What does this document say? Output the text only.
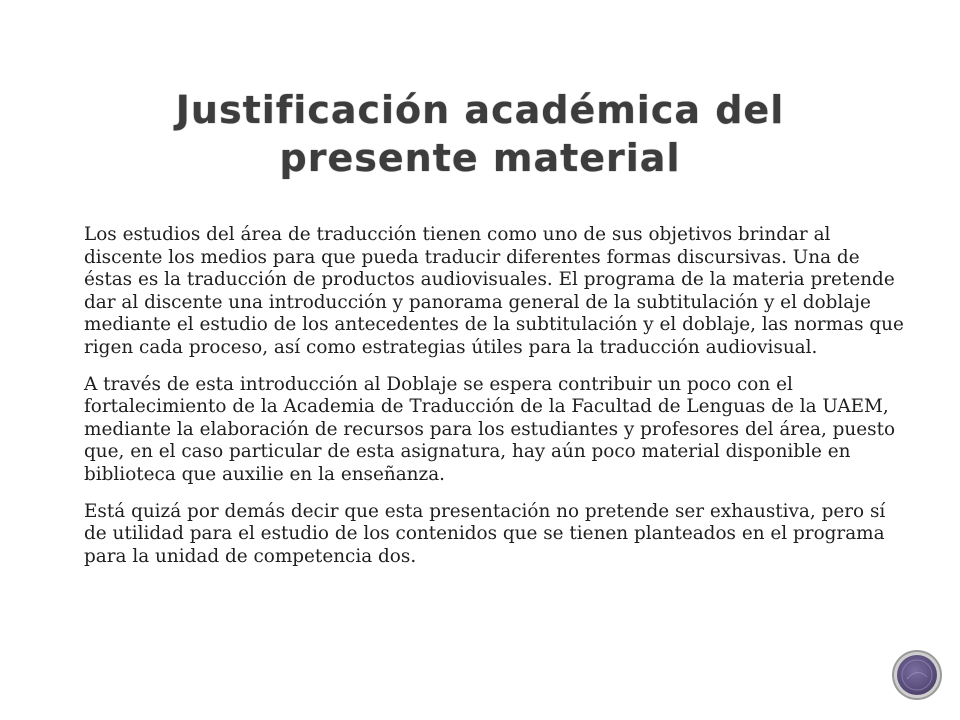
Justificación académica del presente material

Los estudios del área de traducción tienen como uno de sus objetivos brindar al discente los medios para que pueda traducir diferentes formas discursivas. Una de éstas es la traducción de productos audiovisuales. El programa de la materia pretende dar al discente una introducción y panorama general de la subtitulación y el doblaje mediante el estudio de los antecedentes de la subtitulación y el doblaje, las normas que rigen cada proceso, así como estrategias útiles para la traducción audiovisual.

A través de esta introducción al Doblaje se espera contribuir un poco con el fortalecimiento de la Academia de Traducción de la Facultad de Lenguas de la UAEM, mediante la elaboración de recursos para los estudiantes y profesores del área, puesto que, en el caso particular de esta asignatura, hay aún poco material disponible en biblioteca que auxilie en la enseñanza.

Está quizá por demás decir que esta presentación no pretende ser exhaustiva, pero sí de utilidad para el estudio de los contenidos que se tienen planteados en el programa para la unidad de competencia dos.
